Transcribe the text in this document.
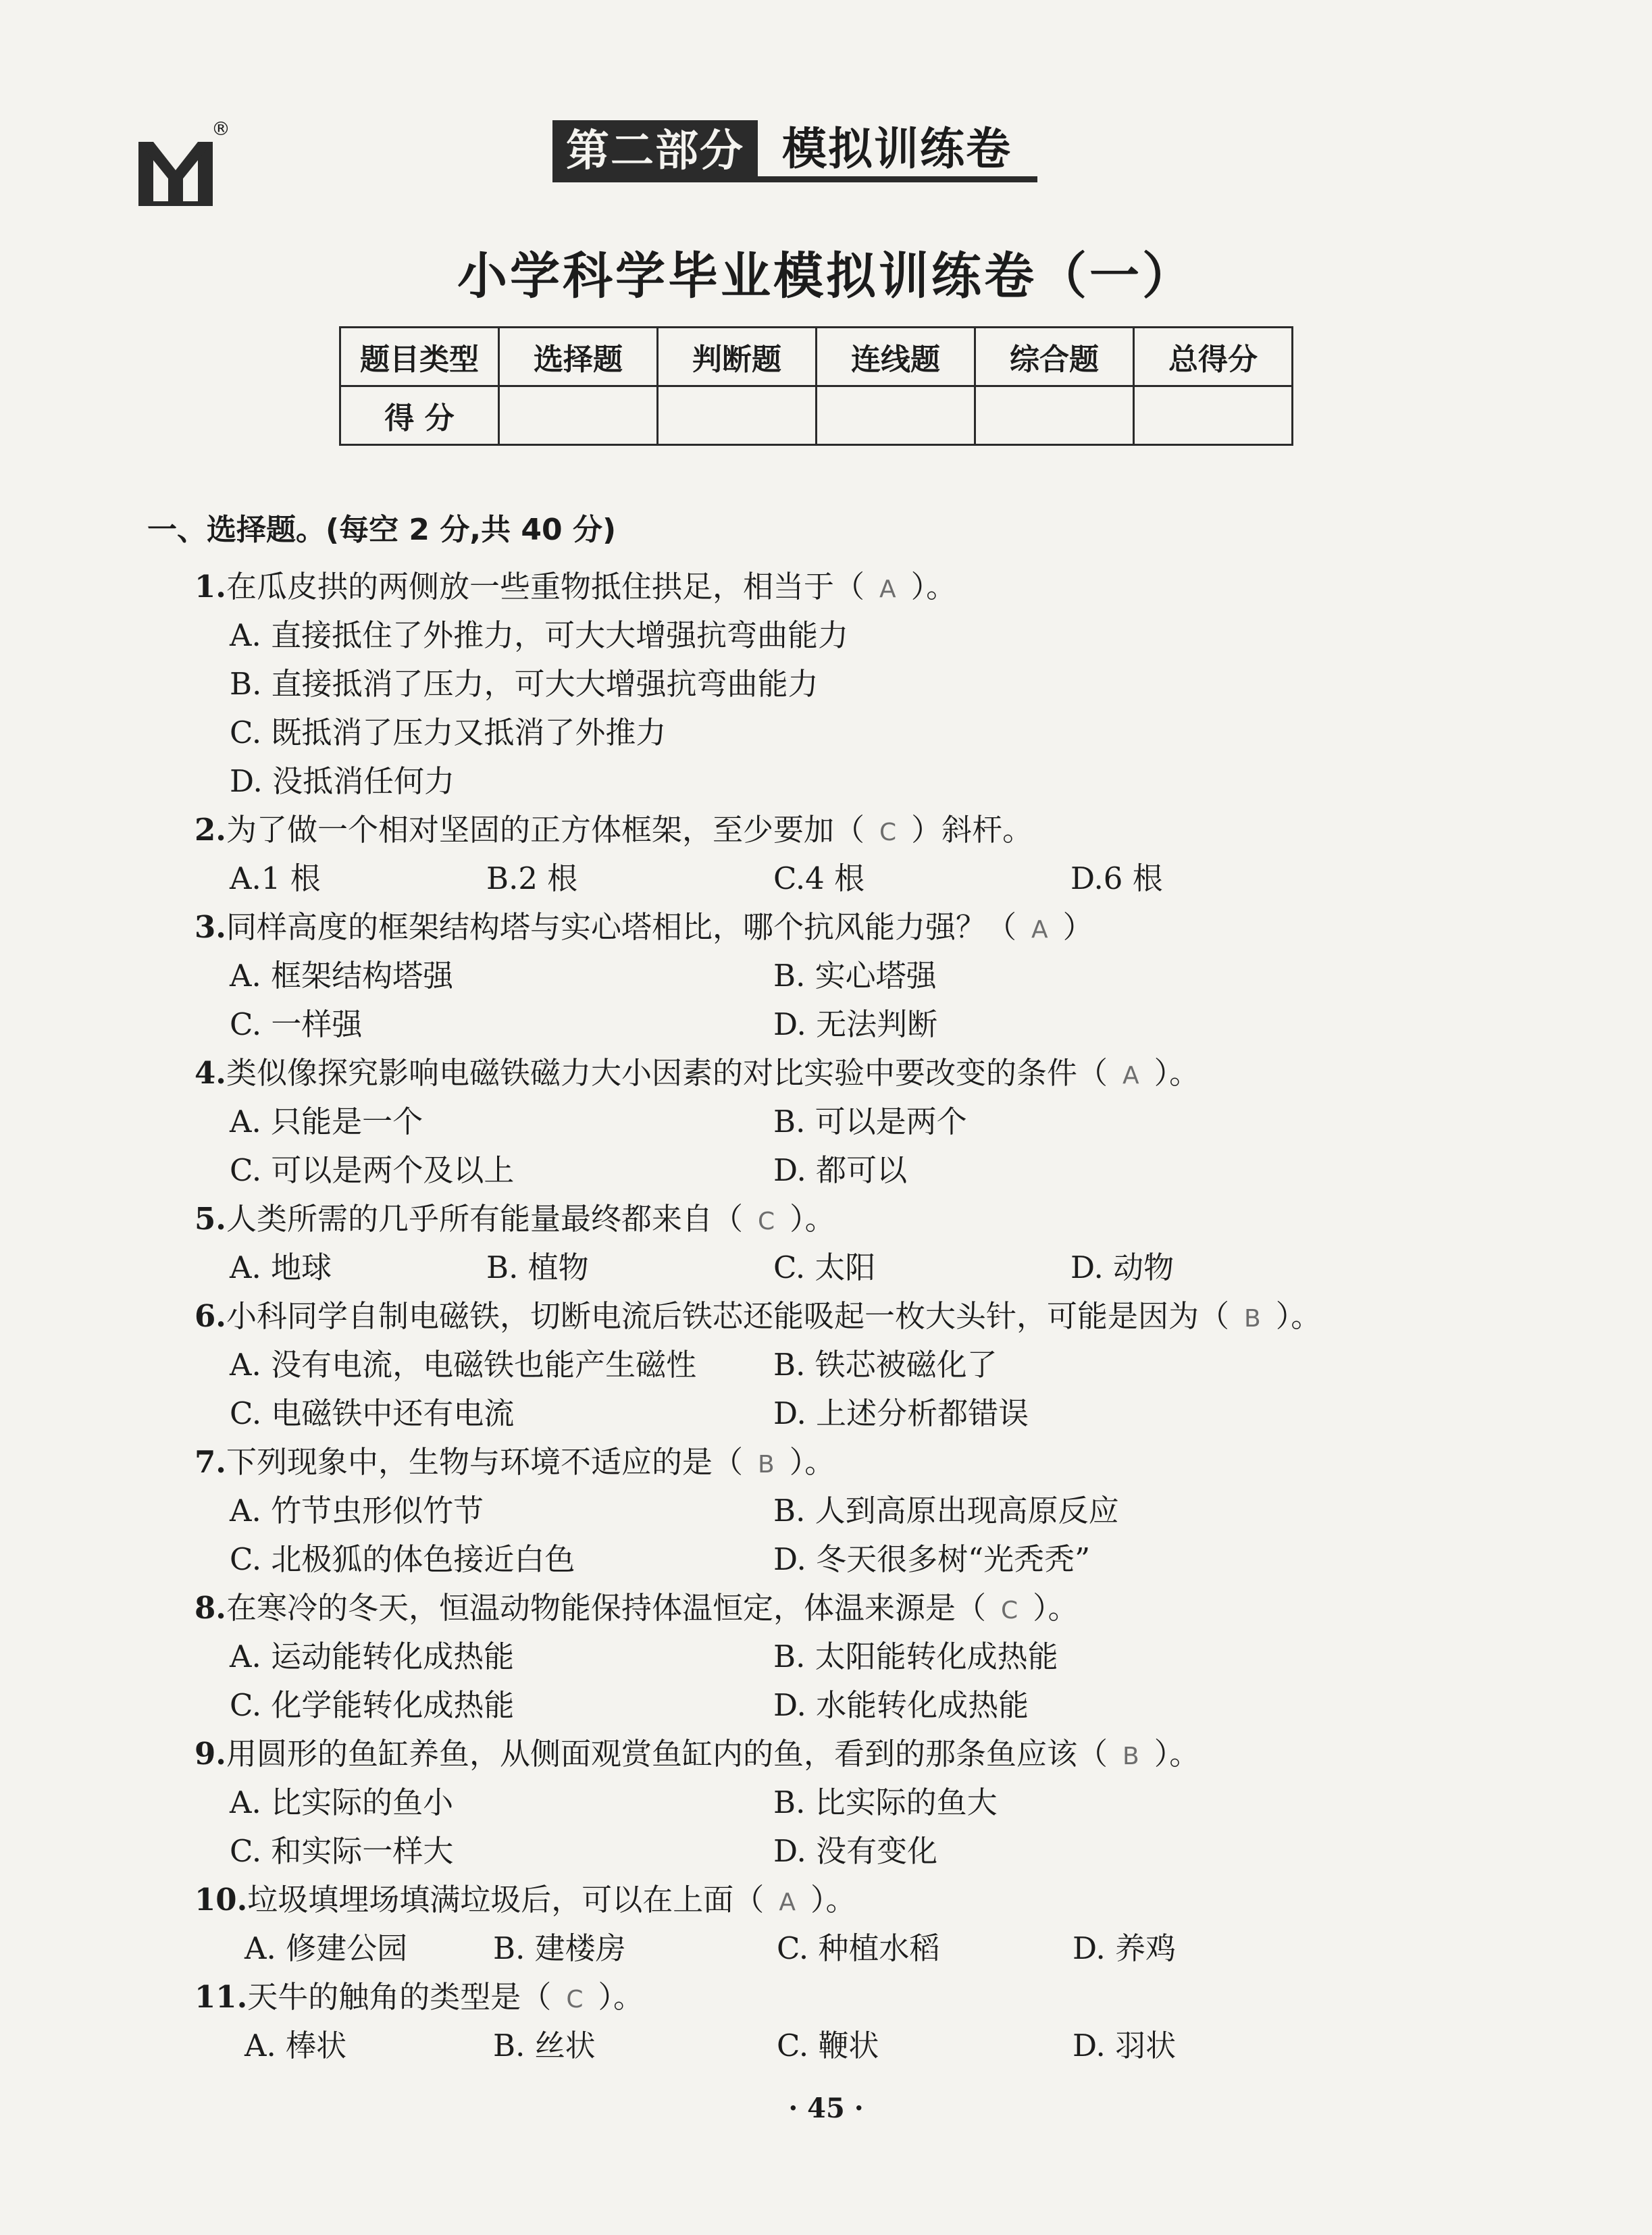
®	第二部分 模拟训练卷
小学科学毕业模拟训练卷（一）
题目类型	选择题	判断题	连线题	综合题	总得分
得 分					
一、选择题。(每空 2 分,共 40 分)
1.在瓜皮拱的两侧放一些重物抵住拱足，相当于（ A ）。
A. 直接抵住了外推力，可大大增强抗弯曲能力
B. 直接抵消了压力，可大大增强抗弯曲能力
C. 既抵消了压力又抵消了外推力
D. 没抵消任何力
2.为了做一个相对坚固的正方体框架，至少要加（ C ）斜杆。
A.1 根	B.2 根	C.4 根	D.6 根
3.同样高度的框架结构塔与实心塔相比，哪个抗风能力强？（ A ）
A. 框架结构塔强	B. 实心塔强
C. 一样强	D. 无法判断
4.类似像探究影响电磁铁磁力大小因素的对比实验中要改变的条件（ A ）。
A. 只能是一个	B. 可以是两个
C. 可以是两个及以上	D. 都可以
5.人类所需的几乎所有能量最终都来自（ C ）。
A. 地球	B. 植物	C. 太阳	D. 动物
6.小科同学自制电磁铁，切断电流后铁芯还能吸起一枚大头针，可能是因为（ B ）。
A. 没有电流，电磁铁也能产生磁性	B. 铁芯被磁化了
C. 电磁铁中还有电流	D. 上述分析都错误
7.下列现象中，生物与环境不适应的是（ B ）。
A. 竹节虫形似竹节	B. 人到高原出现高原反应
C. 北极狐的体色接近白色	D. 冬天很多树“光秃秃”
8.在寒冷的冬天，恒温动物能保持体温恒定，体温来源是（ C ）。
A. 运动能转化成热能	B. 太阳能转化成热能
C. 化学能转化成热能	D. 水能转化成热能
9.用圆形的鱼缸养鱼，从侧面观赏鱼缸内的鱼，看到的那条鱼应该（ B ）。
A. 比实际的鱼小	B. 比实际的鱼大
C. 和实际一样大	D. 没有变化
10.垃圾填埋场填满垃圾后，可以在上面（ A ）。
A. 修建公园	B. 建楼房	C. 种植水稻	D. 养鸡
11.天牛的触角的类型是（ C ）。
A. 棒状	B. 丝状	C. 鞭状	D. 羽状
· 45 ·
